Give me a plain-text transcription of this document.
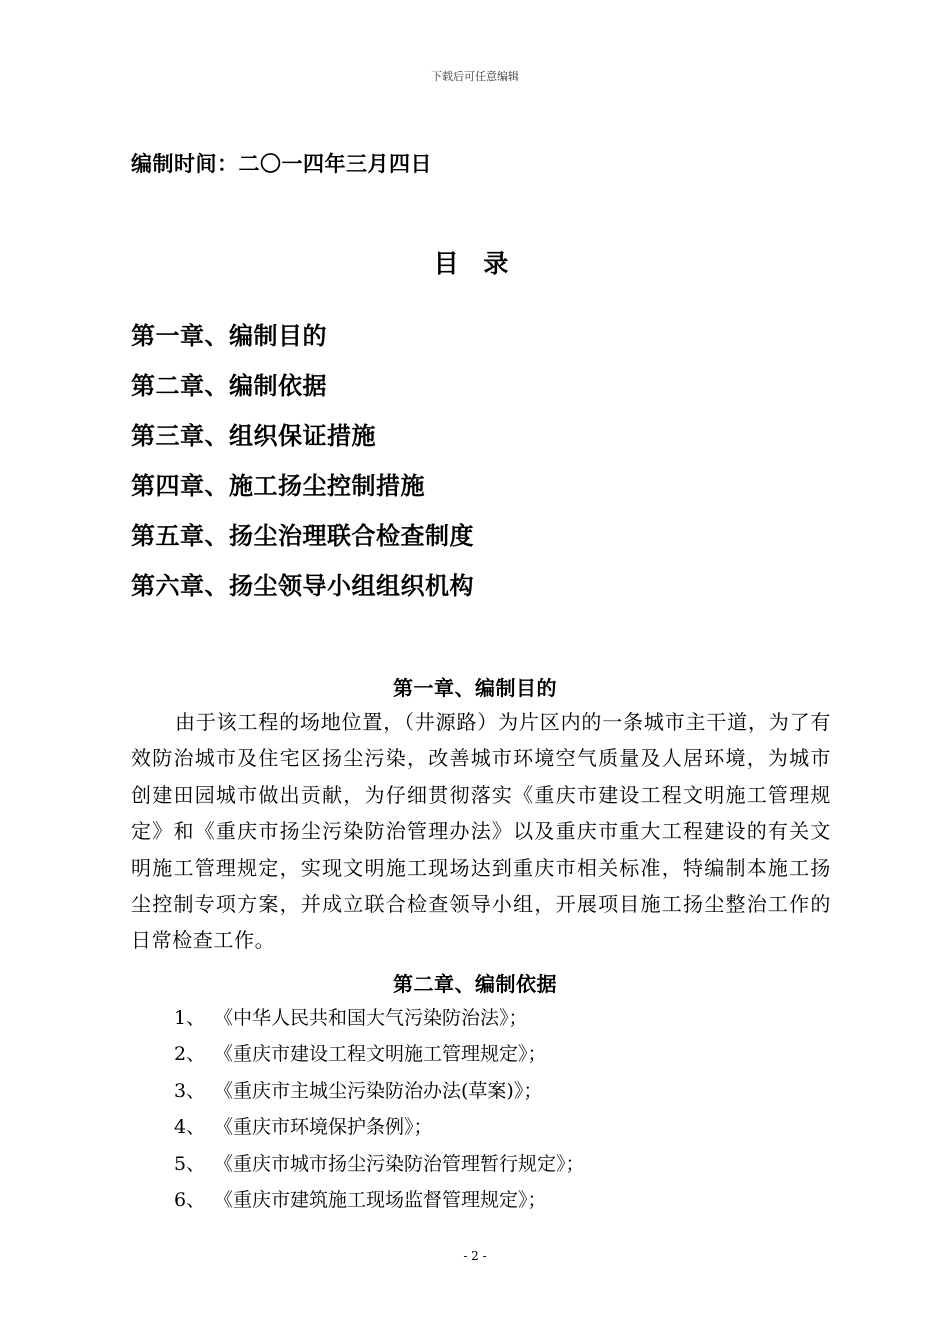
下载后可任意编辑
编制时间：二〇一四年三月四日
目 录
第一章、编制目的
第二章、编制依据
第三章、组织保证措施
第四章、施工扬尘控制措施
第五章、扬尘治理联合检查制度
第六章、扬尘领导小组组织机构
第一章、编制目的

由于该工程的场地位置，（井源路）为片区内的一条城市主干道，为了有效防治城市及住宅区扬尘污染，改善城市环境空气质量及人居环境，为城市创建田园城市做出贡献，为仔细贯彻落实《重庆市建设工程文明施工管理规定》和《重庆市扬尘污染防治管理办法》以及重庆市重大工程建设的有关文明施工管理规定，实现文明施工现场达到重庆市相关标准，特编制本施工扬尘控制专项方案，并成立联合检查领导小组，开展项目施工扬尘整治工作的日常检查工作。

第二章、编制依据
1、 《中华人民共和国大气污染防治法》；
2、 《重庆市建设工程文明施工管理规定》；
3、 《重庆市主城尘污染防治办法(草案)》；
4、 《重庆市环境保护条例》；
5、 《重庆市城市扬尘污染防治管理暂行规定》；
6、 《重庆市建筑施工现场监督管理规定》；
- 2 -
